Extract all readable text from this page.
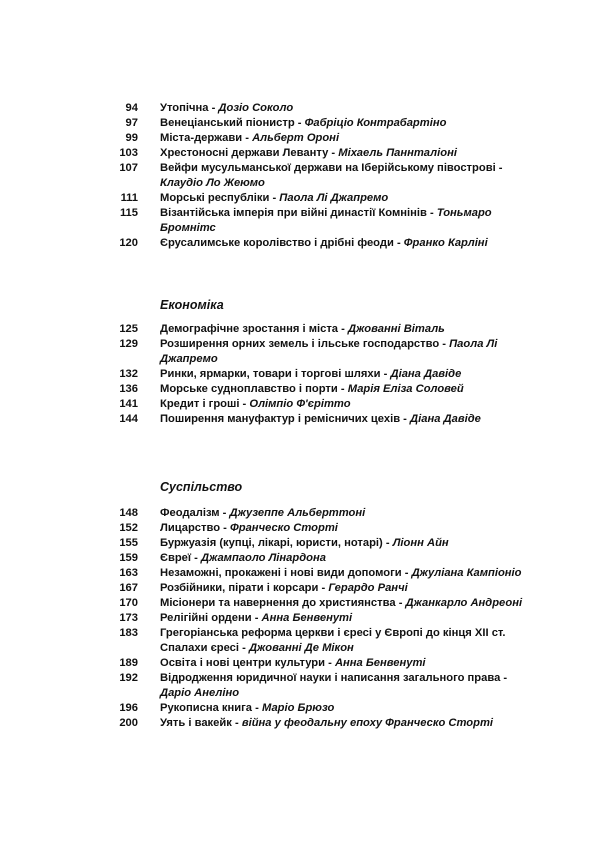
94 Утопічна - Дозіо Соколо
97 Венеціанський піонистр - Фабріціо Контрабартіно
99 Міста-держави - Альберт Ороні
103 Хрестоносні держави Леванту - Міхаель Паннталіоні
107 Вейфи мусульманської держави на Іберійському півострові - Клаудіо Ло Жеюмо
111 Морські республіки - Паола Лі Джапремо
115 Візантійська імперія при війні династії Комнінів - Тоньмаро Бромнітс
120 Єрусалимське королівство і дрібні феоди - Франко Карліні
Економіка
125 Демографічне зростання і міста - Джованні Віталь
129 Розширення орних земель і ільське господарство - Паола Лі Джапремо
132 Ринки, ярмарки, товари і торгові шляхи - Діана Давіде
136 Морське судноплавство і порти - Марія Еліза Соловей
141 Кредит і гроші - Олімпіо Ф'єрітто
144 Поширення мануфактур і ремісничих цехів - Діана Давіде
Суспільство
148 Феодалізм - Джузеппе Альберттоні
152 Лицарство - Франческо Сторті
155 Буржуазія (купці, лікарі, юристи, нотарі) - Ліонн Айн
159 Євреї - Джампаоло Лінардона
163 Незаможні, прокажені і нові види допомоги - Джуліана Кампіоніо
167 Розбійники, пірати і корсари - Герардо Ранчі
170 Місіонери та навернення до християнства - Джанкарло Андреоні
173 Релігійні ордени - Анна Бенвенуті
183 Грегоріанська реформа церкви і єресі у Європі до кінця XII ст. Спалахи єресі - Джованні Де Мікон
189 Освіта і нові центри культури - Анна Бенвенуті
192 Відродження юридичної науки і написання загального права - Даріо Анеліно
196 Рукописна книга - Маріо Брюзо
200 Уять і вакейк - війна у феодальну епоху Франческо Сторті
